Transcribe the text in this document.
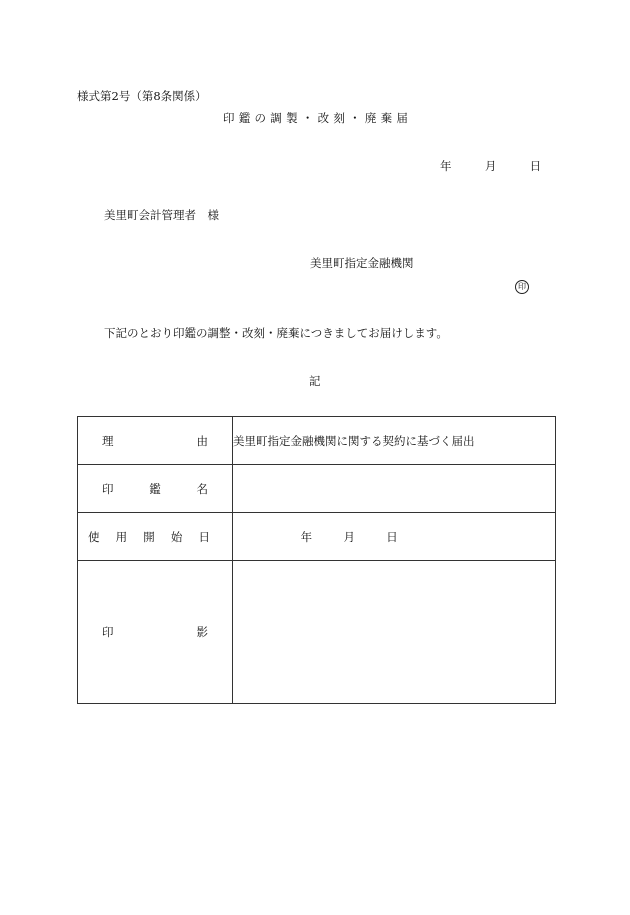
様式第2号（第8条関係）
印 鑑 の 調 製 ・ 改 刻 ・ 廃 棄 届
年	月	日
美里町会計管理者　様
美里町指定金融機関
印
下記のとおり印鑑の調整・改刻・廃棄につきましてお届けします。
記
理 由	美里町指定金融機関に関する契約に基づく届出

印 鑑 名	

使 用 開 始 日	年 月 日

印 影	
